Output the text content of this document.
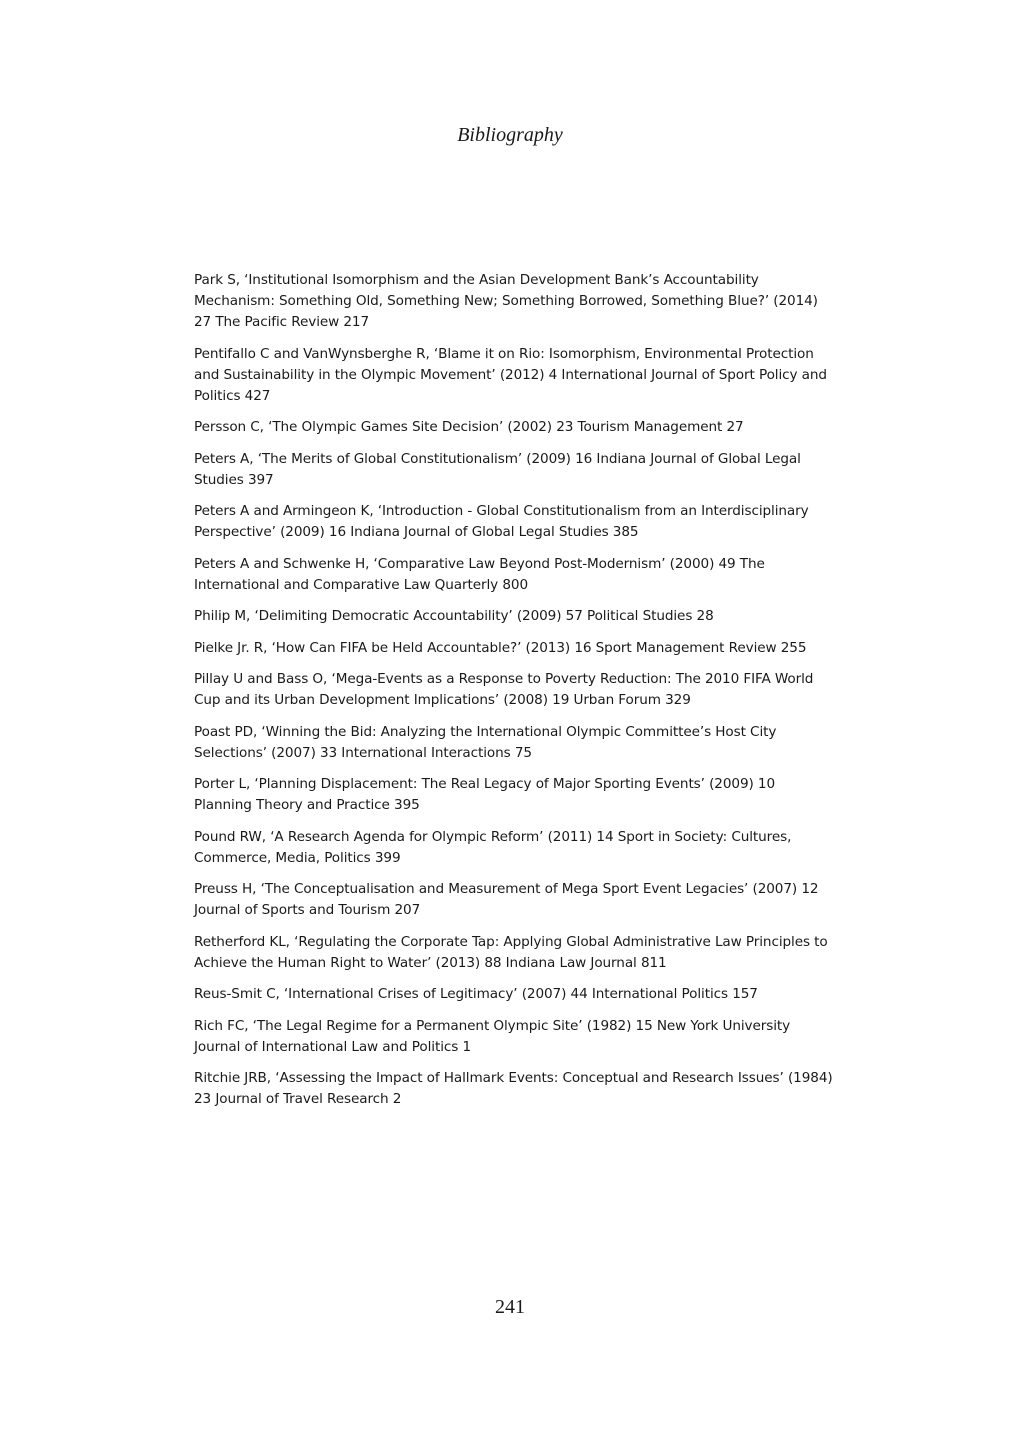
Bibliography
Park S, ‘Institutional Isomorphism and the Asian Development Bank’s Accountability Mechanism: Something Old, Something New; Something Borrowed, Something Blue?’ (2014) 27 The Pacific Review 217
Pentifallo C and VanWynsberghe R, ‘Blame it on Rio: Isomorphism, Environmental Protection and Sustainability in the Olympic Movement’ (2012) 4 International Journal of Sport Policy and Politics 427
Persson C, ‘The Olympic Games Site Decision’ (2002) 23 Tourism Management 27
Peters A, ‘The Merits of Global Constitutionalism’ (2009) 16 Indiana Journal of Global Legal Studies 397
Peters A and Armingeon K, ‘Introduction - Global Constitutionalism from an Interdisciplinary Perspective’ (2009) 16 Indiana Journal of Global Legal Studies 385
Peters A and Schwenke H, ‘Comparative Law Beyond Post-Modernism’ (2000) 49 The International and Comparative Law Quarterly 800
Philip M, ‘Delimiting Democratic Accountability’ (2009) 57 Political Studies 28
Pielke Jr. R, ‘How Can FIFA be Held Accountable?’ (2013) 16 Sport Management Review 255
Pillay U and Bass O, ‘Mega-Events as a Response to Poverty Reduction: The 2010 FIFA World Cup and its Urban Development Implications’ (2008) 19 Urban Forum 329
Poast PD, ‘Winning the Bid: Analyzing the International Olympic Committee’s Host City Selections’ (2007) 33 International Interactions 75
Porter L, ‘Planning Displacement: The Real Legacy of Major Sporting Events’ (2009) 10 Planning Theory and Practice 395
Pound RW, ‘A Research Agenda for Olympic Reform’ (2011) 14 Sport in Society: Cultures, Commerce, Media, Politics 399
Preuss H, ‘The Conceptualisation and Measurement of Mega Sport Event Legacies’ (2007) 12 Journal of Sports and Tourism 207
Retherford KL, ‘Regulating the Corporate Tap: Applying Global Administrative Law Principles to Achieve the Human Right to Water’ (2013) 88 Indiana Law Journal 811
Reus-Smit C, ‘International Crises of Legitimacy’ (2007) 44 International Politics 157
Rich FC, ‘The Legal Regime for a Permanent Olympic Site’ (1982) 15 New York University Journal of International Law and Politics 1
Ritchie JRB, ‘Assessing the Impact of Hallmark Events: Conceptual and Research Issues’ (1984) 23 Journal of Travel Research 2
241
